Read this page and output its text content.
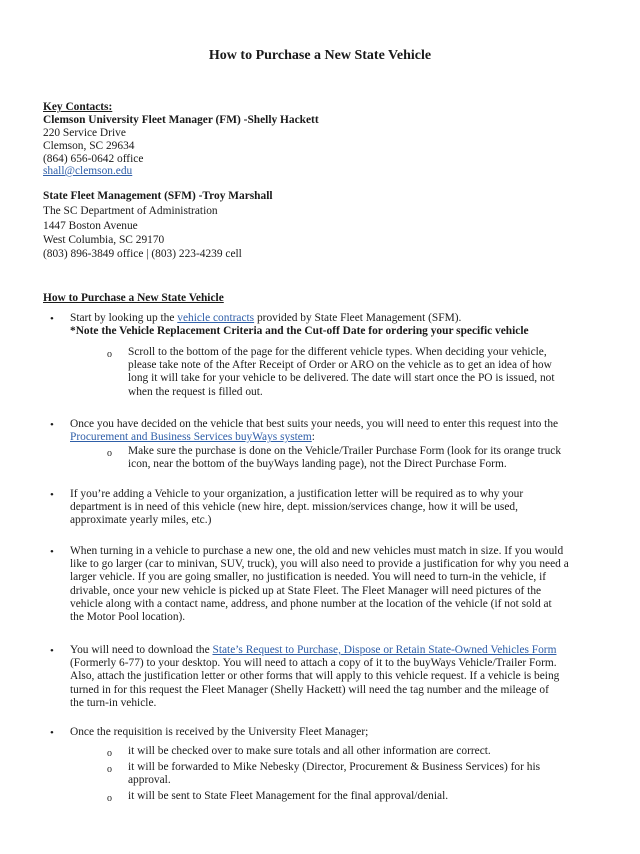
How to Purchase a New State Vehicle
Key Contacts:
Clemson University Fleet Manager (FM) -Shelly Hackett
220 Service Drive
Clemson, SC 29634
(864) 656-0642 office
shall@clemson.edu
State Fleet Management (SFM) -Troy Marshall
The SC Department of Administration
1447 Boston Avenue
West Columbia, SC 29170
(803) 896-3849 office | (803) 223-4239 cell
How to Purchase a New State Vehicle
• Start by looking up the vehicle contracts provided by State Fleet Management (SFM).
*Note the Vehicle Replacement Criteria and the Cut-off Date for ordering your specific vehicle
o Scroll to the bottom of the page for the different vehicle types. When deciding your vehicle,
please take note of the After Receipt of Order or ARO on the vehicle as to get an idea of how
long it will take for your vehicle to be delivered. The date will start once the PO is issued, not
when the request is filled out.
• Once you have decided on the vehicle that best suits your needs, you will need to enter this request into the
Procurement and Business Services buyWays system:
o Make sure the purchase is done on the Vehicle/Trailer Purchase Form (look for its orange truck
icon, near the bottom of the buyWays landing page), not the Direct Purchase Form.
• If you’re adding a Vehicle to your organization, a justification letter will be required as to why your
department is in need of this vehicle (new hire, dept. mission/services change, how it will be used,
approximate yearly miles, etc.)
• When turning in a vehicle to purchase a new one, the old and new vehicles must match in size. If you would
like to go larger (car to minivan, SUV, truck), you will also need to provide a justification for why you need a
larger vehicle. If you are going smaller, no justification is needed. You will need to turn-in the vehicle, if
drivable, once your new vehicle is picked up at State Fleet. The Fleet Manager will need pictures of the
vehicle along with a contact name, address, and phone number at the location of the vehicle (if not sold at
the Motor Pool location).
• You will need to download the State’s Request to Purchase, Dispose or Retain State-Owned Vehicles Form
(Formerly 6-77) to your desktop. You will need to attach a copy of it to the buyWays Vehicle/Trailer Form.
Also, attach the justification letter or other forms that will apply to this vehicle request. If a vehicle is being
turned in for this request the Fleet Manager (Shelly Hackett) will need the tag number and the mileage of
the turn-in vehicle.
• Once the requisition is received by the University Fleet Manager;
o it will be checked over to make sure totals and all other information are correct.
o it will be forwarded to Mike Nebesky (Director, Procurement & Business Services) for his
approval.
o it will be sent to State Fleet Management for the final approval/denial.
